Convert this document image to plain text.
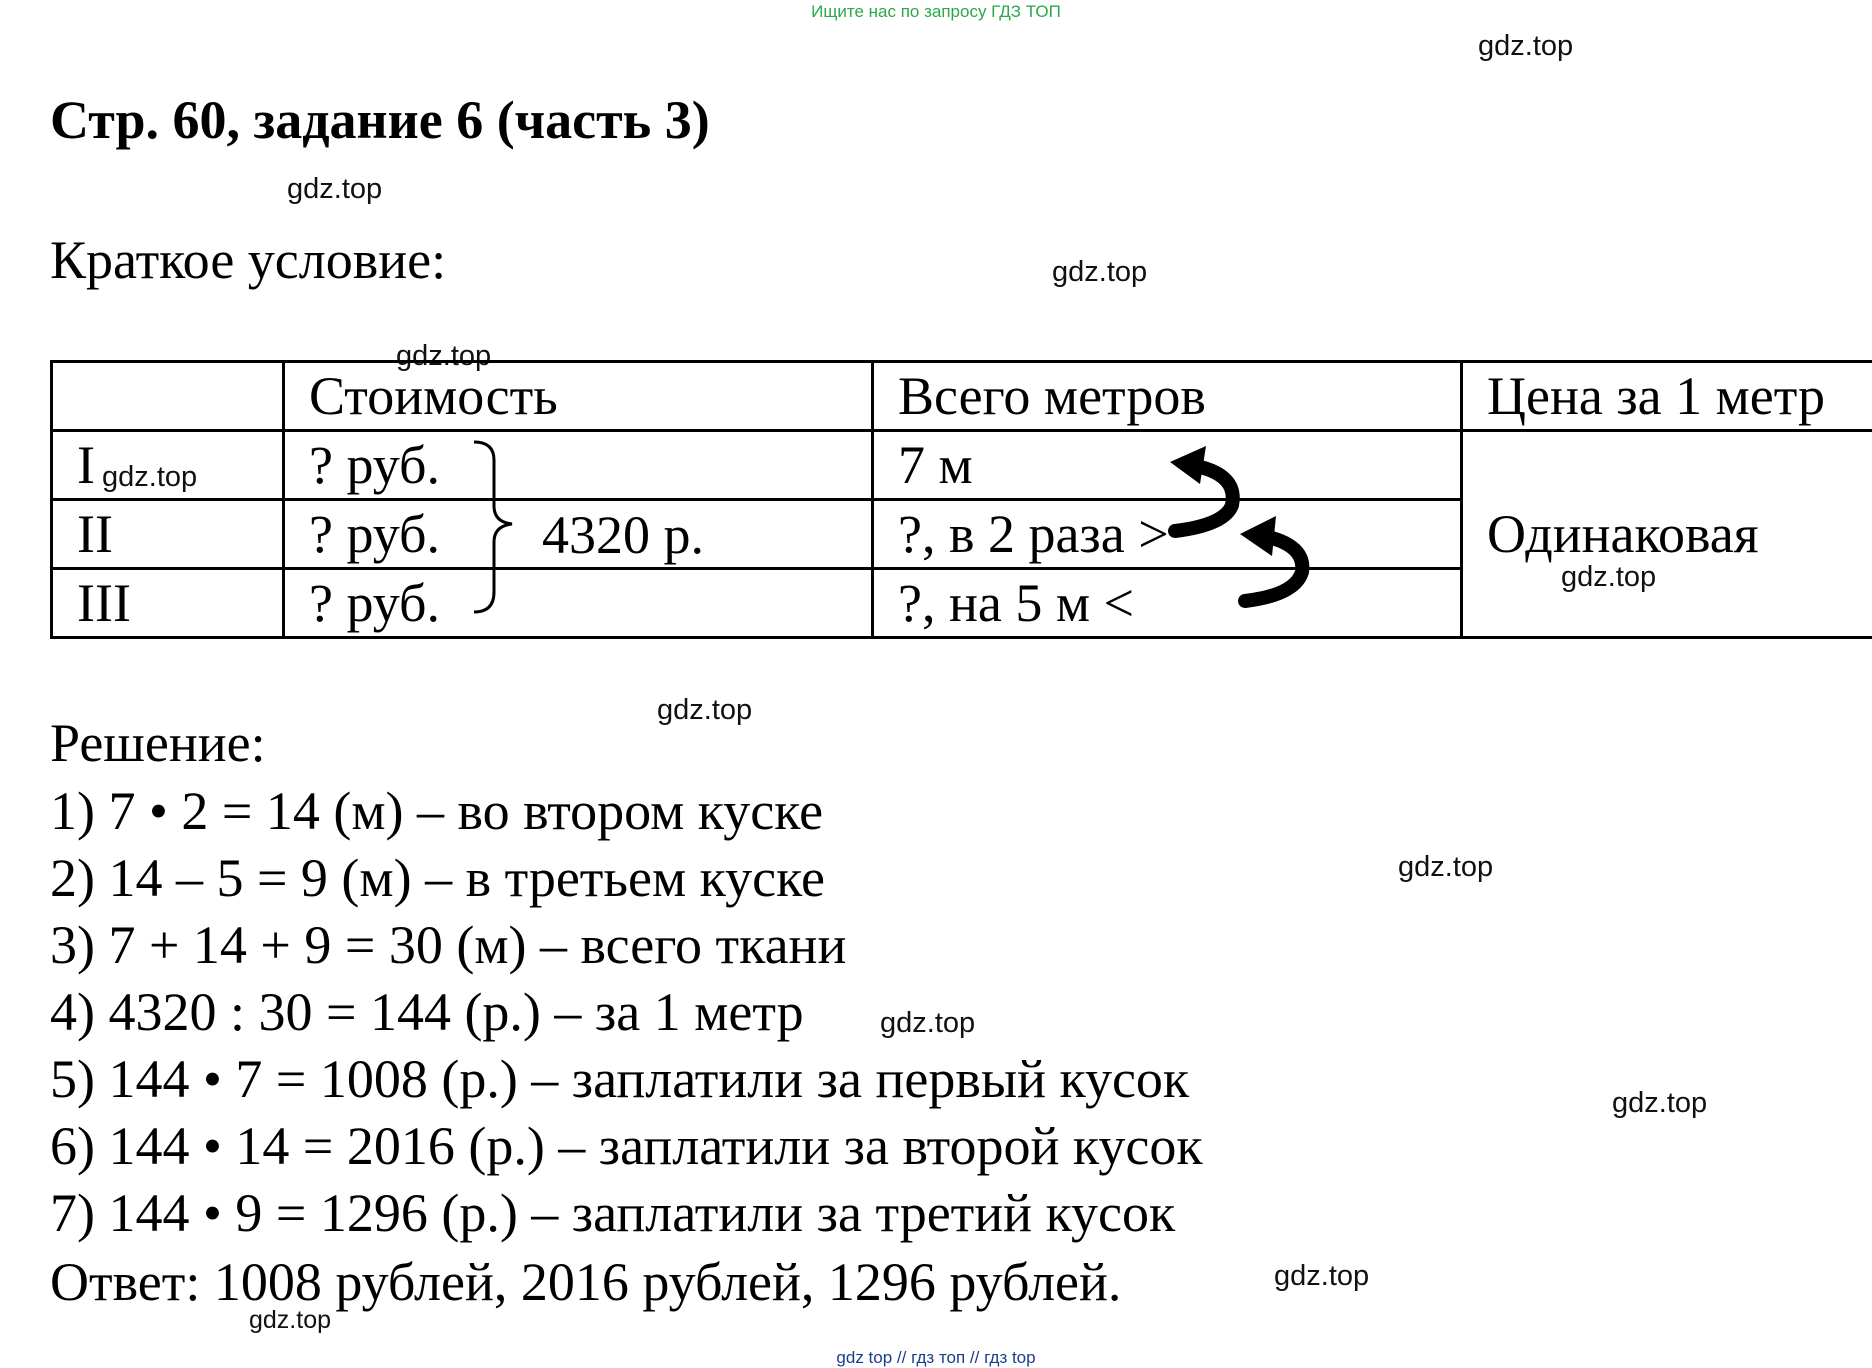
Ищите нас по запросу ГДЗ ТОП
gdz.top
gdz.top
gdz.top
gdz.top
gdz.top
gdz.top
gdz.top
gdz.top
gdz.top
gdz.top
gdz.top
gdz.top
Стр. 60, задание 6 (часть 3)
Краткое условие:
	Стоимость	Всего метров	Цена за 1 метр
I	? руб.	7 м	Одинаковая
II	? руб.	?, в 2 раза >	
III	? руб.	?, на 5 м <	
4320 р.
Решение:
1) 7 • 2 = 14 (м) – во втором куске
2) 14 – 5 = 9 (м) – в третьем куске
3) 7 + 14 + 9 = 30 (м) – всего ткани
4) 4320 : 30 = 144 (р.) – за 1 метр
5) 144 • 7 = 1008 (р.) – заплатили за первый кусок
6) 144 • 14 = 2016 (р.) – заплатили за второй кусок
7) 144 • 9 = 1296 (р.) – заплатили за третий кусок
Ответ: 1008 рублей, 2016 рублей, 1296 рублей.
gdz top // гдз топ // гдз top
